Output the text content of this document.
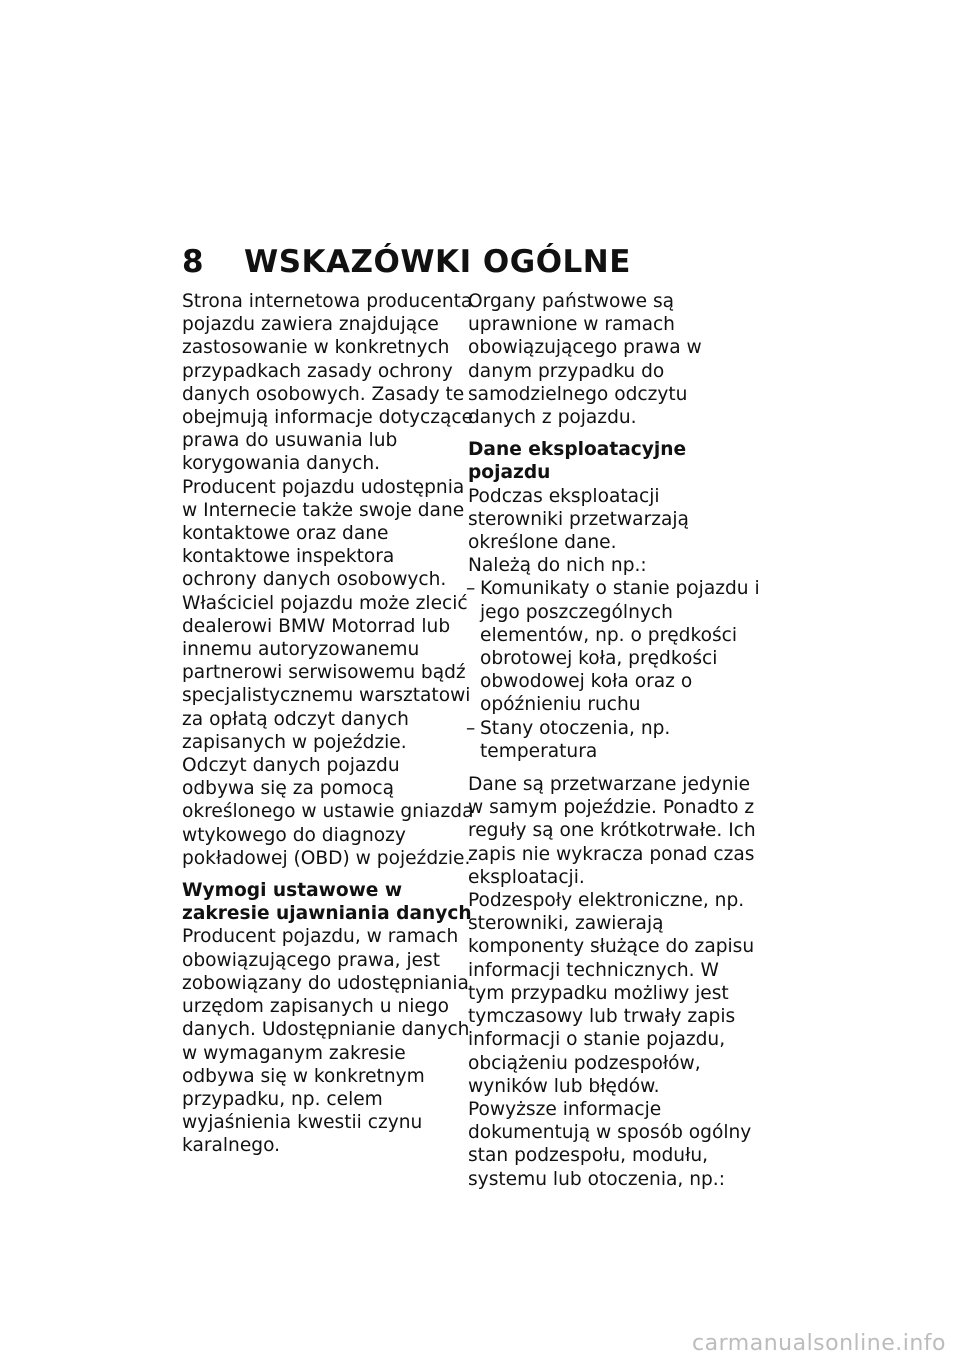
8 WSKAZÓWKI OGÓLNE

Strona internetowa producenta pojazdu zawiera znajdujące zastosowanie w konkretnych przypadkach zasady ochrony danych osobowych. Zasady te obejmują informacje dotyczące prawa do usuwania lub korygowania danych. Producent pojazdu udostępnia w Internecie także swoje dane kontaktowe oraz dane kontaktowe inspektora ochrony danych osobowych.

Właściciel pojazdu może zlecić dealerowi BMW Motorrad lub innemu autoryzowanemu partnerowi serwisowemu bądź specjalistycznemu warsztatowi za opłatą odczyt danych zapisanych w pojeździe.

Odczyt danych pojazdu odbywa się za pomocą określonego w ustawie gniazda wtykowego do diagnozy pokładowej (OBD) w pojeździe.

Wymogi ustawowe w zakresie ujawniania danych

Producent pojazdu, w ramach obowiązującego prawa, jest zobowiązany do udostępniania urzędom zapisanych u niego danych. Udostępnianie danych w wymaganym zakresie odbywa się w konkretnym przypadku, np. celem wyjaśnienia kwestii czynu karalnego.

Organy państwowe są uprawnione w ramach obowiązującego prawa w danym przypadku do samodzielnego odczytu danych z pojazdu.

Dane eksploatacyjne pojazdu

Podczas eksploatacji sterowniki przetwarzają określone dane.

Należą do nich np.:

– Komunikaty o stanie pojazdu i jego poszczególnych elementów, np. o prędkości obrotowej koła, prędkości obwodowej koła oraz o opóźnieniu ruchu
– Stany otoczenia, np. temperatura

Dane są przetwarzane jedynie w samym pojeździe. Ponadto z reguły są one krótkotrwałe. Ich zapis nie wykracza ponad czas eksploatacji.

Podzespoły elektroniczne, np. sterowniki, zawierają komponenty służące do zapisu informacji technicznych. W tym przypadku możliwy jest tymczasowy lub trwały zapis informacji o stanie pojazdu, obciążeniu podzespołów, wyników lub błędów.

Powyższe informacje dokumentują w sposób ogólny stan podzespołu, modułu, systemu lub otoczenia, np.:

carmanualsonline.info
